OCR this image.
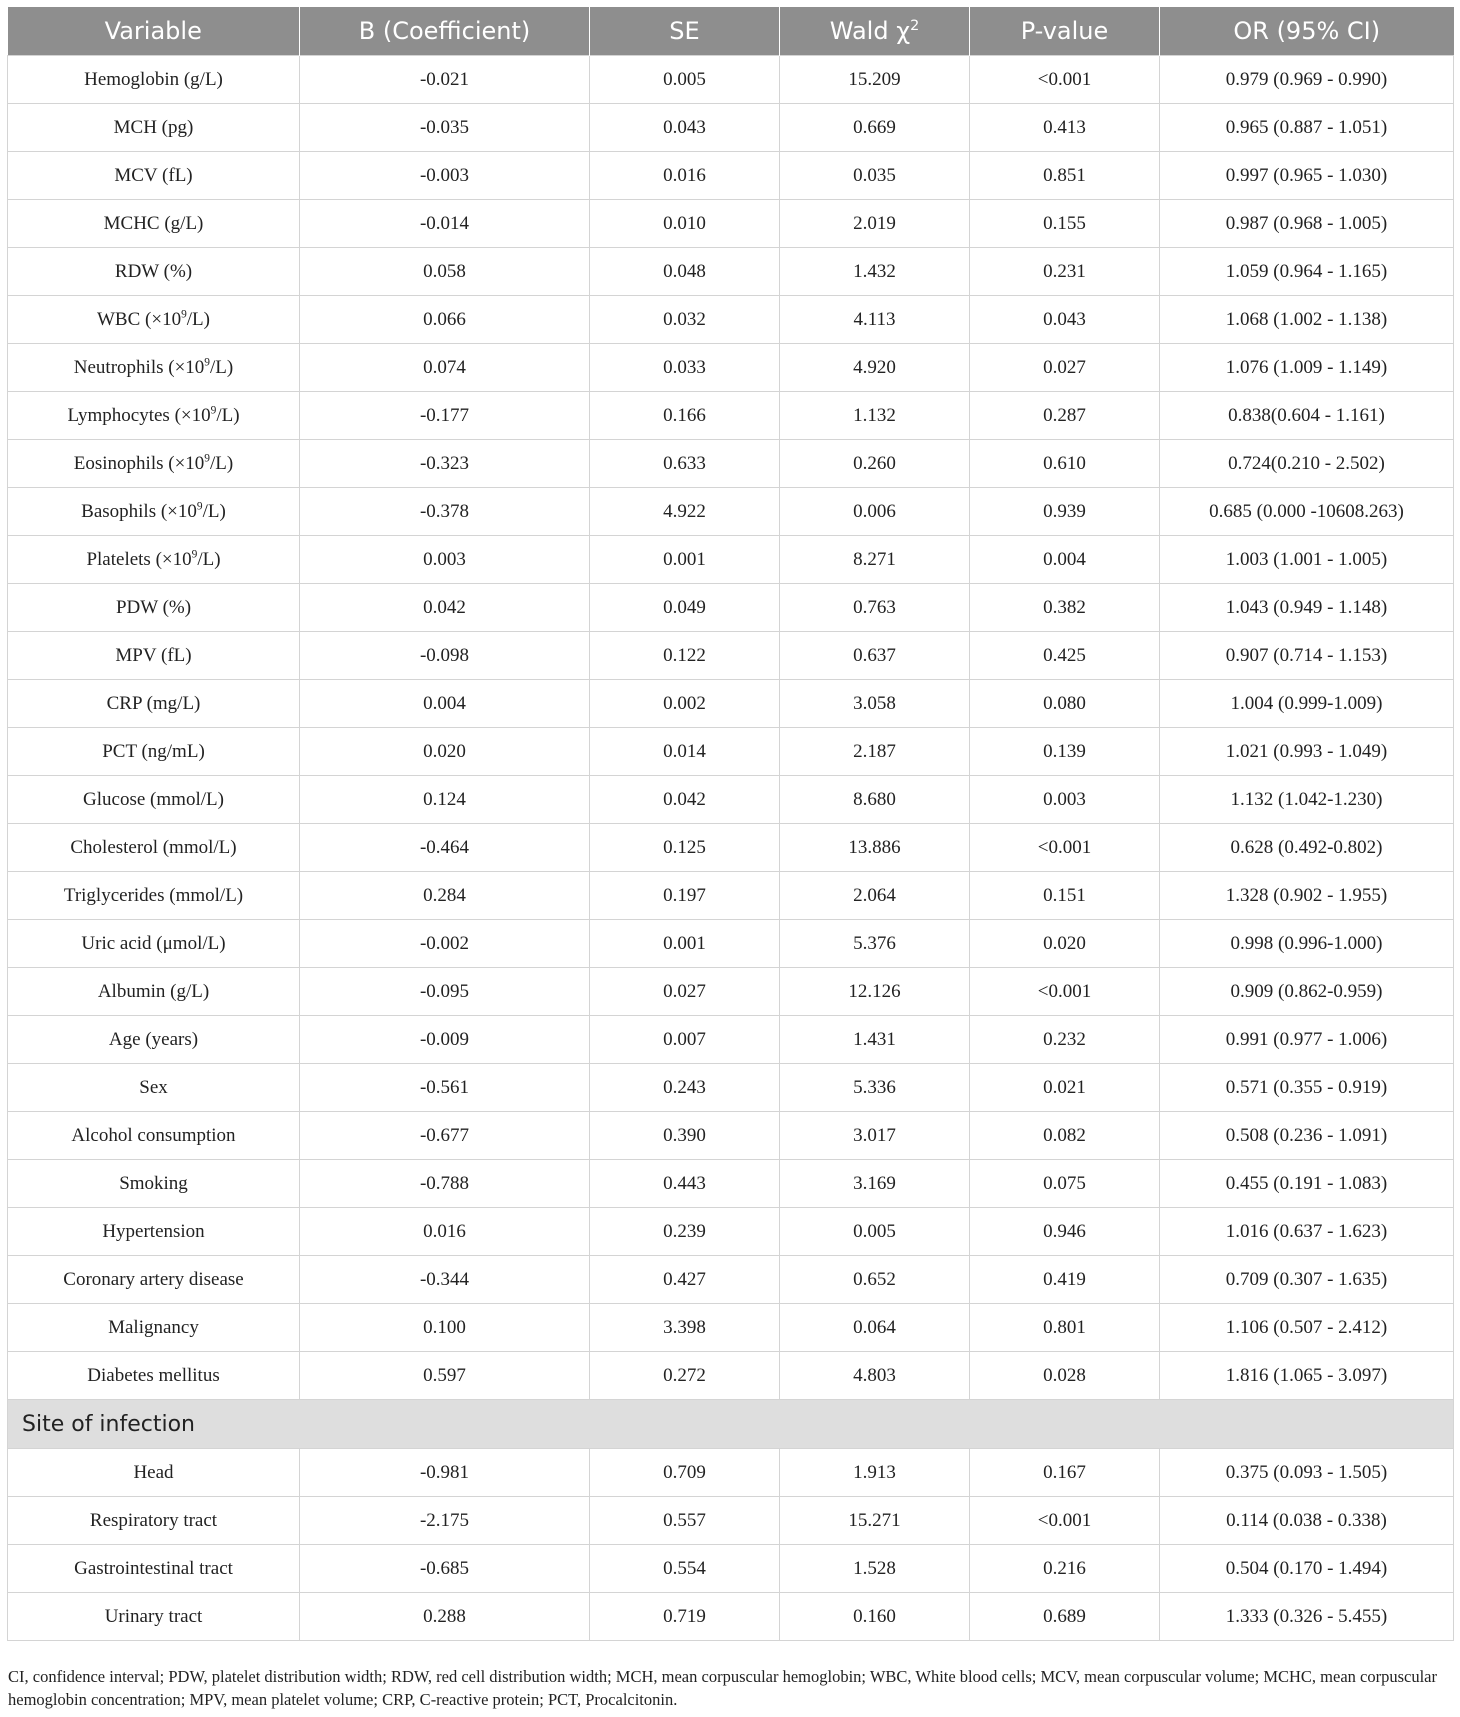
Variable	B (Coefficient)	SE	Wald $\chi^2$	P-value	OR (95% CI)
Hemoglobin (g/L)	-0.021	0.005	15.209	<0.001	0.979 (0.969 - 0.990)
MCH (pg)	-0.035	0.043	0.669	0.413	0.965 (0.887 - 1.051)
MCV (fL)	-0.003	0.016	0.035	0.851	0.997 (0.965 - 1.030)
MCHC (g/L)	-0.014	0.010	2.019	0.155	0.987 (0.968 - 1.005)
RDW (%)	0.058	0.048	1.432	0.231	1.059 (0.964 - 1.165)
WBC $(\times 10^9/L)$	0.066	0.032	4.113	0.043	1.068 (1.002 - 1.138)
Neutrophils $(\times 10^9/L)$	0.074	0.033	4.920	0.027	1.076 (1.009 - 1.149)
Lymphocytes $(\times 10^9/L)$	-0.177	0.166	1.132	0.287	0.838(0.604 - 1.161)
Eosinophils $(\times 10^9/L)$	-0.323	0.633	0.260	0.610	0.724(0.210 - 2.502)
Basophils $(\times 10^9/L)$	-0.378	4.922	0.006	0.939	0.685 (0.000 -10608.263)
Platelets $(\times 10^9/L)$	0.003	0.001	8.271	0.004	1.003 (1.001 - 1.005)
PDW (%)	0.042	0.049	0.763	0.382	1.043 (0.949 - 1.148)
MPV (fL)	-0.098	0.122	0.637	0.425	0.907 (0.714 - 1.153)
CRP (mg/L)	0.004	0.002	3.058	0.080	1.004 (0.999-1.009)
PCT (ng/mL)	0.020	0.014	2.187	0.139	1.021 (0.993 - 1.049)
Glucose (mmol/L)	0.124	0.042	8.680	0.003	1.132 (1.042-1.230)
Cholesterol (mmol/L)	-0.464	0.125	13.886	<0.001	0.628 (0.492-0.802)
Triglycerides (mmol/L)	0.284	0.197	2.064	0.151	1.328 (0.902 - 1.955)
Uric acid (μmol/L)	-0.002	0.001	5.376	0.020	0.998 (0.996-1.000)
Albumin (g/L)	-0.095	0.027	12.126	<0.001	0.909 (0.862-0.959)
Age (years)	-0.009	0.007	1.431	0.232	0.991 (0.977 - 1.006)
Sex	-0.561	0.243	5.336	0.021	0.571 (0.355 - 0.919)
Alcohol consumption	-0.677	0.390	3.017	0.082	0.508 (0.236 - 1.091)
Smoking	-0.788	0.443	3.169	0.075	0.455 (0.191 - 1.083)
Hypertension	0.016	0.239	0.005	0.946	1.016 (0.637 - 1.623)
Coronary artery disease	-0.344	0.427	0.652	0.419	0.709 (0.307 - 1.635)
Malignancy	0.100	3.398	0.064	0.801	1.106 (0.507 - 2.412)
Diabetes mellitus	0.597	0.272	4.803	0.028	1.816 (1.065 - 3.097)
Site of infection					
Head	-0.981	0.709	1.913	0.167	0.375 (0.093 - 1.505)
Respiratory tract	-2.175	0.557	15.271	<0.001	0.114 (0.038 - 0.338)
Gastrointestinal tract	-0.685	0.554	1.528	0.216	0.504 (0.170 - 1.494)
Urinary tract	0.288	0.719	0.160	0.689	1.333 (0.326 - 5.455)
CI, confidence interval; PDW, platelet distribution width; RDW, red cell distribution width; MCH, mean corpuscular hemoglobin; WBC, White blood cells; MCV, mean corpuscular volume; MCHC, mean corpuscular hemoglobin concentration; MPV, mean platelet volume; CRP, C-reactive protein; PCT, Procalcitonin.
